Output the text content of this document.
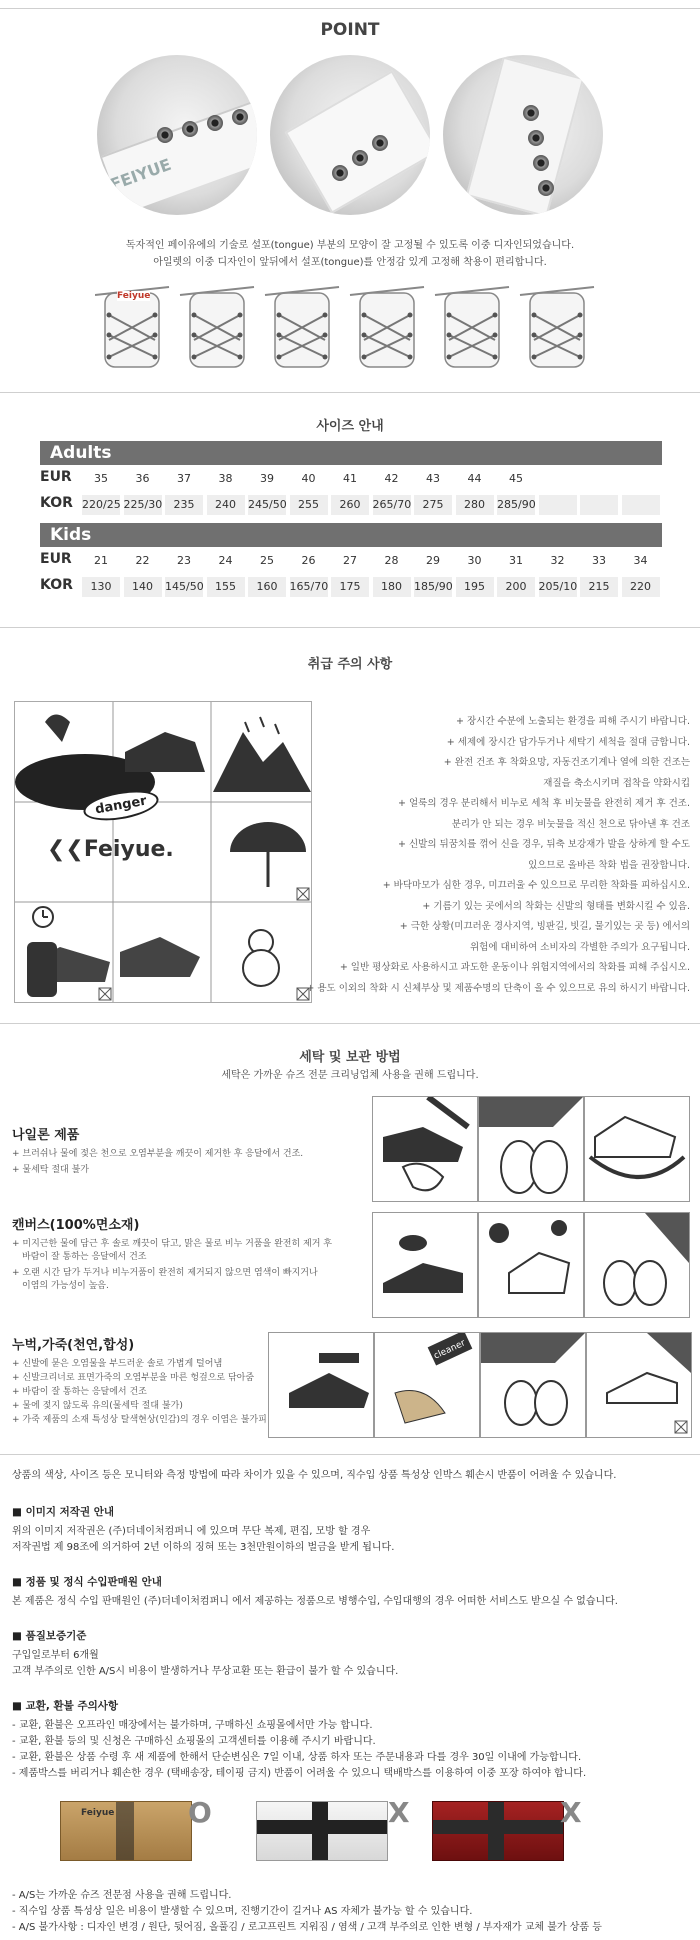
POINT
FEIYUE
독자적인 페이유에의 기술로 설포(tongue) 부분의 모양이 잘 고정될 수 있도록 이중 디자인되었습니다.
아일렛의 이중 디자인이 앞뒤에서 설포(tongue)를 안정감 있게 고정해 착용이 편리합니다.
Feiyue
사이즈 안내
Adults
EUR
KOR
35	36	37	38	39	40	41	42	43	44	45
220/25 225/30	235	240	245/50	255	260	265/70	275	280	285/90
Kids
EUR
KOR
21	22	23	24	25	26	27	28	29	30	31	32	33	34
130	140	145/50	155	160	165/70	175	180	185/90	195	200	205/10	215	220
취급 주의 사항
Oil
danger
❮❮Feiyue.
+ 장시간 수분에 노출되는 환경을 피해 주시기 바랍니다.
+ 세제에 장시간 담가두거나 세탁기 세척을 절대 금합니다.
+ 완전 건조 후 착화요망, 자동건조기계나 열에 의한 건조는
재질을 축소시키며 접착을 약화시킵
+ 얼룩의 경우 분리해서 비누로 세척 후 비눗물을 완전히 제거 후 건조.
분리가 안 되는 경우 비눗물을 적신 천으로 닦아낸 후 건조
+ 신발의 뒤꿈치를 꺾어 신을 경우, 뒤축 보강재가 발을 상하게 할 수도
있으므로 올바른 착화 법을 권장합니다.
+ 바닥마모가 심한 경우, 미끄러울 수 있으므로 무리한 착화를 피하십시오.
+ 기름기 있는 곳에서의 착화는 신발의 형태를 변화시킬 수 있음.
+ 극한 상황(미끄러운 경사지역, 빙판길, 빗길, 물기있는 곳 등) 에서의
위험에 대비하여 소비자의 각별한 주의가 요구됩니다.
+ 일반 평상화로 사용하시고 과도한 운동이나 위험지역에서의 착화를 피해 주십시오.
+ 용도 이외의 착화 시 신체부상 및 제품수명의 단축이 올 수 있으므로 유의 하시기 바랍니다.
세탁 및 보관 방법
세탁은 가까운 슈즈 전문 크리닝업체 사용을 권해 드립니다.
나일론 제품
+ 브러쉬나 물에 젖은 천으로 오염부분을 깨끗이 제거한 후 응달에서 건조.
+ 물세탁 절대 불가
캔버스(100%면소재)
+ 미지근한 물에 담근 후 솔로 깨끗이 닦고, 맑은 물로 비누 거품을 완전히 제거 후
바람이 잘 통하는 응달에서 건조
+ 오랜 시간 담가 두거나 비누거품이 완전히 제거되지 않으면 염색이 빠지거나
이염의 가능성이 높음.
누벅,가죽(천연,합성)
+ 신발에 묻은 오염물을 부드러운 솔로 가볍게 털어냄
+ 신발크리너로 표면가죽의 오염부분을 마른 헝겊으로 닦아줌
+ 바람이 잘 통하는 응달에서 건조
+ 물에 젖지 않도록 유의(물세탁 절대 불가)
+ 가죽 제품의 소재 특성상 탈색현상(인감)의 경우 이염은 불가피
cleaner
상품의 색상, 사이즈 등은 모니터와 측정 방법에 따라 차이가 있을 수 있으며, 직수입 상품 특성상 인박스 훼손시 반품이 어려울 수 있습니다.
■ 이미지 저작권 안내
위의 이미지 저작권은 (주)더네이처컴퍼니 에 있으며 무단 복제, 편집, 모방 할 경우
저작권법 제 98조에 의거하여 2년 이하의 징혀 또는 3천만원이하의 벌금을 받게 됩니다.
■ 정품 및 정식 수입판매원 안내
본 제품은 정식 수입 판매원인 (주)더네이처컴퍼니 에서 제공하는 정품으로 병행수입, 수입대행의 경우 어떠한 서비스도 받으실 수 없습니다.
■ 품질보증기준
구입일로부터 6개월
고객 부주의로 인한 A/S시 비용이 발생하거나 무상교환 또는 환급이 불가 할 수 있습니다.
■ 교환, 환불 주의사항
- 교환, 환불은 오프라인 매장에서는 불가하며, 구매하신 쇼핑몰에서만 가능 합니다.
- 교환, 환불 등의 및 신청은 구매하신 쇼핑몰의 고객센터를 이용해 주시기 바랍니다.
- 교환, 환불은 상품 수령 후 새 제품에 한해서 단순변심은 7일 이내, 상품 하자 또는 주문내용과 다를 경우 30일 이내에 가능합니다.
- 제품박스를 버리거나 훼손한 경우 (택배송장, 테이핑 금지) 반품이 어려울 수 있으니 택배박스를 이용하여 이중 포장 하여야 합니다.
Feiyue	O	X	X
- A/S는 가까운 슈즈 전문점 사용을 권해 드립니다.
- 직수입 상품 특성상 일은 비용이 발생할 수 있으며, 진행기간이 길거나 AS 자체가 불가능 할 수 있습니다.
- A/S 불가사항 : 디자인 변경 / 원단, 뒷어짐, 올풀김 / 로고프린트 지워짐 / 염색 / 고객 부주의로 인한 변형 / 부자재가 교체 불가 상품 등
